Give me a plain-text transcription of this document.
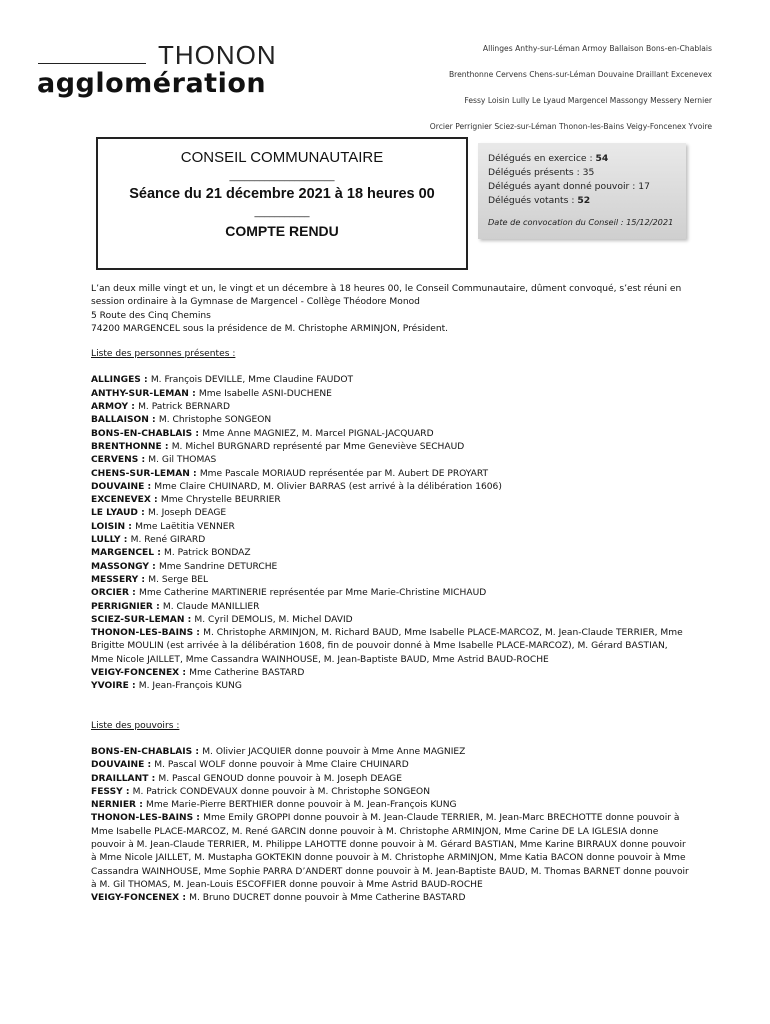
THONON
agglomération
Allinges Anthy-sur-Léman Armoy Ballaison Bons-en-Chablais
Brenthonne Cervens Chens-sur-Léman Douvaine Draillant Excenevex
Fessy Loisin Lully Le Lyaud Margencel Massongy Messery Nernier
Orcier Perrignier Sciez-sur-Léman Thonon-les-Bains Veigy-Foncenex Yvoire
CONSEIL COMMUNAUTAIRE
_____________________
Séance du 21 décembre 2021 à 18 heures 00
___________
COMPTE RENDU
Délégués en exercice : 54
Délégués présents : 35
Délégués ayant donné pouvoir : 17
Délégués votants : 52
Date de convocation du Conseil : 15/12/2021

L’an deux mille vingt et un, le vingt et un décembre à 18 heures 00, le Conseil Communautaire, dûment convoqué, s’est réuni en session ordinaire à la Gymnase de Margencel - Collège Théodore Monod

5 Route des Cinq Chemins

74200 MARGENCEL sous la présidence de M. Christophe ARMINJON, Président.

Liste des personnes présentes :
ALLINGES : M. François DEVILLE, Mme Claudine FAUDOT
ANTHY-SUR-LEMAN : Mme Isabelle ASNI-DUCHENE
ARMOY : M. Patrick BERNARD
BALLAISON : M. Christophe SONGEON
BONS-EN-CHABLAIS : Mme Anne MAGNIEZ, M. Marcel PIGNAL-JACQUARD
BRENTHONNE : M. Michel BURGNARD représenté par Mme Geneviève SECHAUD
CERVENS : M. Gil THOMAS
CHENS-SUR-LEMAN : Mme Pascale MORIAUD représentée par M. Aubert DE PROYART
DOUVAINE : Mme Claire CHUINARD, M. Olivier BARRAS (est arrivé à la délibération 1606)
EXCENEVEX : Mme Chrystelle BEURRIER
LE LYAUD : M. Joseph DEAGE
LOISIN : Mme Laëtitia VENNER
LULLY : M. René GIRARD
MARGENCEL : M. Patrick BONDAZ
MASSONGY : Mme Sandrine DETURCHE
MESSERY : M. Serge BEL
ORCIER : Mme Catherine MARTINERIE représentée par Mme Marie-Christine MICHAUD
PERRIGNIER : M. Claude MANILLIER
SCIEZ-SUR-LEMAN : M. Cyril DEMOLIS, M. Michel DAVID
THONON-LES-BAINS : M. Christophe ARMINJON, M. Richard BAUD, Mme Isabelle PLACE-MARCOZ, M. Jean-Claude TERRIER, Mme Brigitte MOULIN (est arrivée à la délibération 1608, fin de pouvoir donné à Mme Isabelle PLACE-MARCOZ), M. Gérard BASTIAN, Mme Nicole JAILLET, Mme Cassandra WAINHOUSE, M. Jean-Baptiste BAUD, Mme Astrid BAUD-ROCHE
VEIGY-FONCENEX : Mme Catherine BASTARD
YVOIRE : M. Jean-François KUNG
Liste des pouvoirs :
BONS-EN-CHABLAIS : M. Olivier JACQUIER donne pouvoir à Mme Anne MAGNIEZ
DOUVAINE : M. Pascal WOLF donne pouvoir à Mme Claire CHUINARD
DRAILLANT : M. Pascal GENOUD donne pouvoir à M. Joseph DEAGE
FESSY : M. Patrick CONDEVAUX donne pouvoir à M. Christophe SONGEON
NERNIER : Mme Marie-Pierre BERTHIER donne pouvoir à M. Jean-François KUNG
THONON-LES-BAINS : Mme Emily GROPPI donne pouvoir à M. Jean-Claude TERRIER, M. Jean-Marc BRECHOTTE donne pouvoir à Mme Isabelle PLACE-MARCOZ, M. René GARCIN donne pouvoir à M. Christophe ARMINJON, Mme Carine DE LA IGLESIA donne pouvoir à M. Jean-Claude TERRIER, M. Philippe LAHOTTE donne pouvoir à M. Gérard BASTIAN, Mme Karine BIRRAUX donne pouvoir à Mme Nicole JAILLET, M. Mustapha GOKTEKIN donne pouvoir à M. Christophe ARMINJON, Mme Katia BACON donne pouvoir à Mme Cassandra WAINHOUSE, Mme Sophie PARRA D’ANDERT donne pouvoir à M. Jean-Baptiste BAUD, M. Thomas BARNET donne pouvoir à M. Gil THOMAS, M. Jean-Louis ESCOFFIER donne pouvoir à Mme Astrid BAUD-ROCHE
VEIGY-FONCENEX : M. Bruno DUCRET donne pouvoir à Mme Catherine BASTARD
